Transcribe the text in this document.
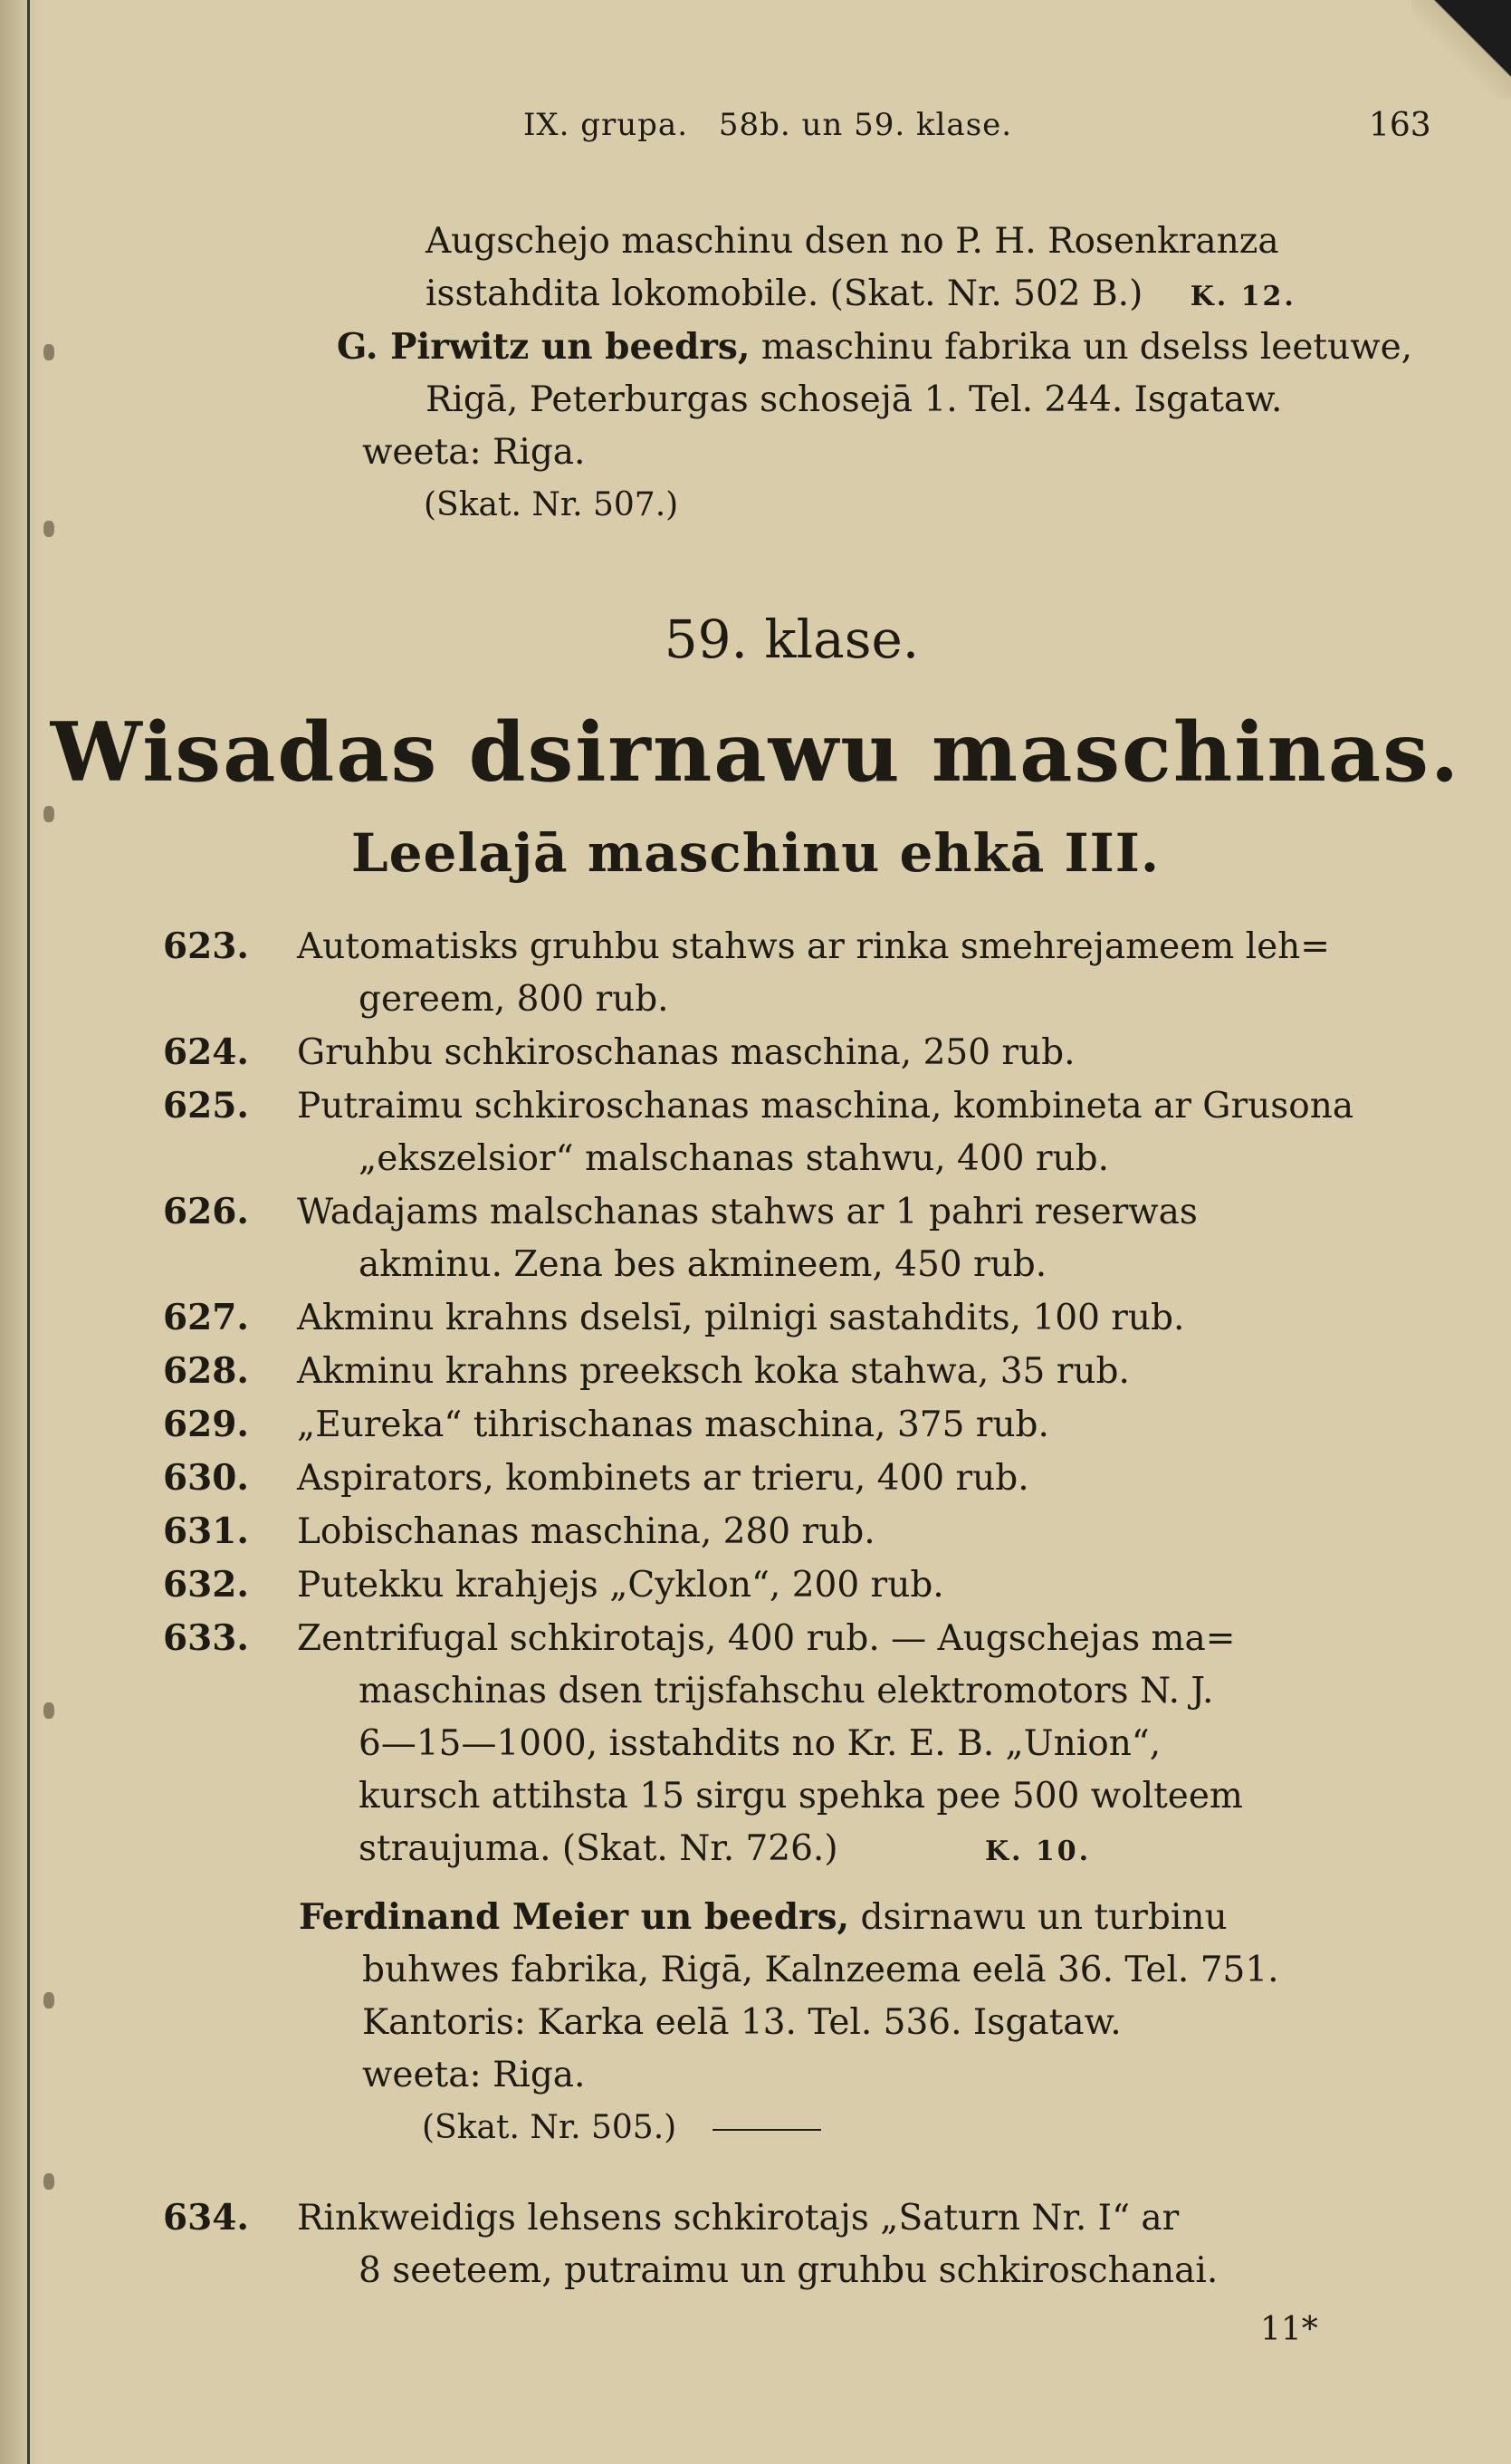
IX. grupa. 58b. un 59. klase.	163
Augschejo maschinu dsen no P. H. Rosenkranza
isstahdita lokomobile. (Skat. Nr. 502 B.) K. 12.
G. Pirwitz un beedrs, maschinu fabrika un dselss leetuwe,
Rigā, Peterburgas schosejā 1. Tel. 244. Isgataw.
weeta: Riga.
(Skat. Nr. 507.)
59. klase.
Wisadas dsirnawu maschinas.
Leelajā maschinu ehkā III.
623. Automatisks gruhbu stahws ar rinka smehrejameem leh=
gereem, 800 rub.
624. Gruhbu schkiroschanas maschina, 250 rub.
625. Putraimu schkiroschanas maschina, kombineta ar Grusona
„ekszelsior“ malschanas stahwu, 400 rub.
626. Wadajams malschanas stahws ar 1 pahri reserwas
akminu. Zena bes akmineem, 450 rub.
627. Akminu krahns dselsī, pilnigi sastahdits, 100 rub.
628. Akminu krahns preeksch koka stahwa, 35 rub.
629. „Eureka“ tihrischanas maschina, 375 rub.
630. Aspirators, kombinets ar trieru, 400 rub.
631. Lobischanas maschina, 280 rub.
632. Putekku krahjejs „Cyklon“, 200 rub.
633. Zentrifugal schkirotajs, 400 rub. — Augschejas ma=
maschinas dsen trijsfahschu elektromotors N. J.
6—15—1000, isstahdits no Kr. E. B. „Union“,
kursch attihsta 15 sirgu spehka pee 500 wolteem
straujuma. (Skat. Nr. 726.)	K. 10.
Ferdinand Meier un beedrs, dsirnawu un turbinu
buhwes fabrika, Rigā, Kalnzeema eelā 36. Tel. 751.
Kantoris: Karka eelā 13. Tel. 536. Isgataw.
weeta: Riga.
(Skat. Nr. 505.)
634. Rinkweidigs lehsens schkirotajs „Saturn Nr. I“ ar
8 seeteem, putraimu un gruhbu schkiroschanai.
11*
